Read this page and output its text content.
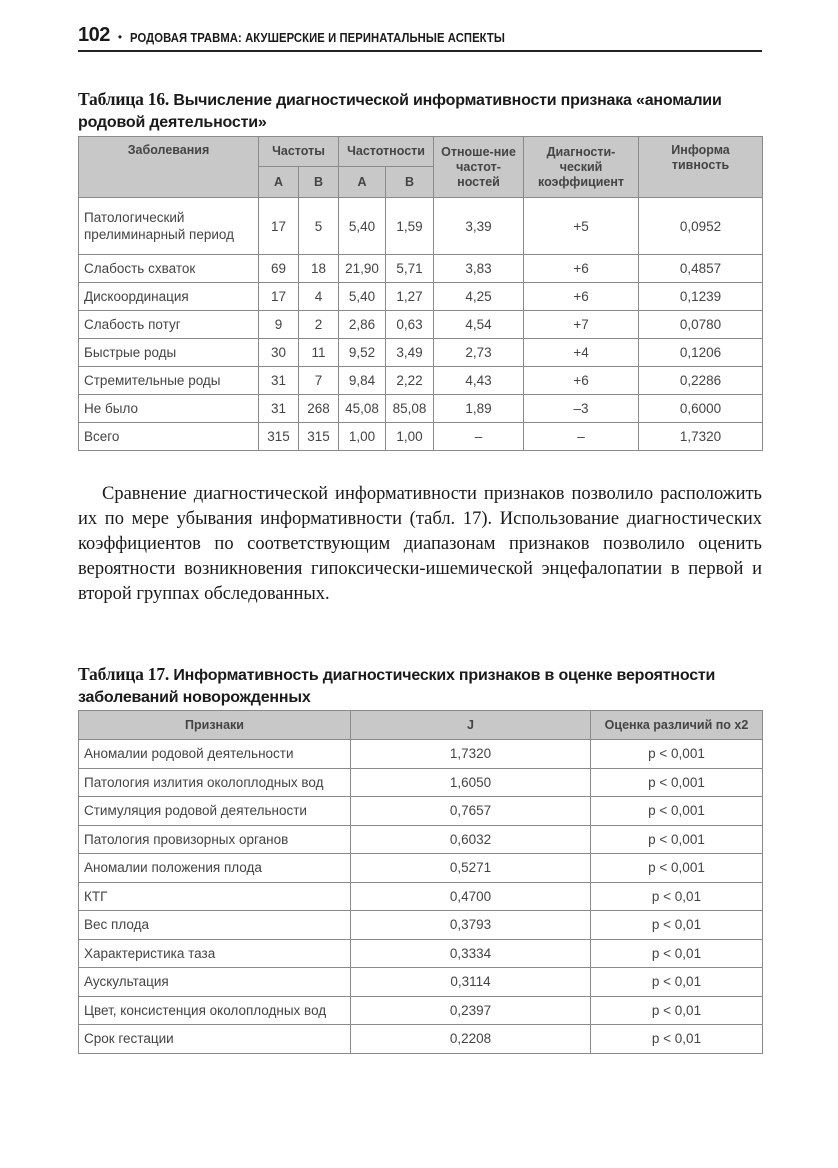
102 • РОДОВАЯ ТРАВМА: АКУШЕРСКИЕ И ПЕРИНАТАЛЬНЫЕ АСПЕКТЫ
Таблица 16. Вычисление диагностической информативности признака «аномалии родовой деятельности»
Заболевания	Частоты		Частотности		Отноше-ние частот-ностей	Диагности-ческий коэффициент	Информа тивность
	А	В	А	В			
Патологический прелиминарный период	17	5	5,40	1,59	3,39	+5	0,0952
Слабость схваток	69	18	21,90	5,71	3,83	+6	0,4857
Дискоординация	17	4	5,40	1,27	4,25	+6	0,1239
Слабость потуг	9	2	2,86	0,63	4,54	+7	0,0780
Быстрые роды	30	11	9,52	3,49	2,73	+4	0,1206
Стремительные роды	31	7	9,84	2,22	4,43	+6	0,2286
Не было	31	268	45,08	85,08	1,89	–3	0,6000
Всего	315	315	1,00	1,00	–	–	1,7320
Сравнение диагностической информативности признаков позволило расположить их по мере убывания информативности (табл. 17). Использование диагностических коэффициентов по соответствующим диапазонам признаков позволило оценить вероятности возникновения гипоксически-ишемической энцефалопатии в первой и второй группах обследованных.
Таблица 17. Информативность диагностических признаков в оценке вероятности заболеваний новорожденных
Признаки	J	Оценка различий по x2
Аномалии родовой деятельности	1,7320	p < 0,001
Патология излития околоплодных вод	1,6050	p < 0,001
Стимуляция родовой деятельности	0,7657	p < 0,001
Патология провизорных органов	0,6032	p < 0,001
Аномалии положения плода	0,5271	p < 0,001
КТГ	0,4700	p < 0,01
Вес плода	0,3793	p < 0,01
Характеристика таза	0,3334	p < 0,01
Аускультация	0,3114	p < 0,01
Цвет, консистенция околоплодных вод	0,2397	p < 0,01
Срок гестации	0,2208	p < 0,01
